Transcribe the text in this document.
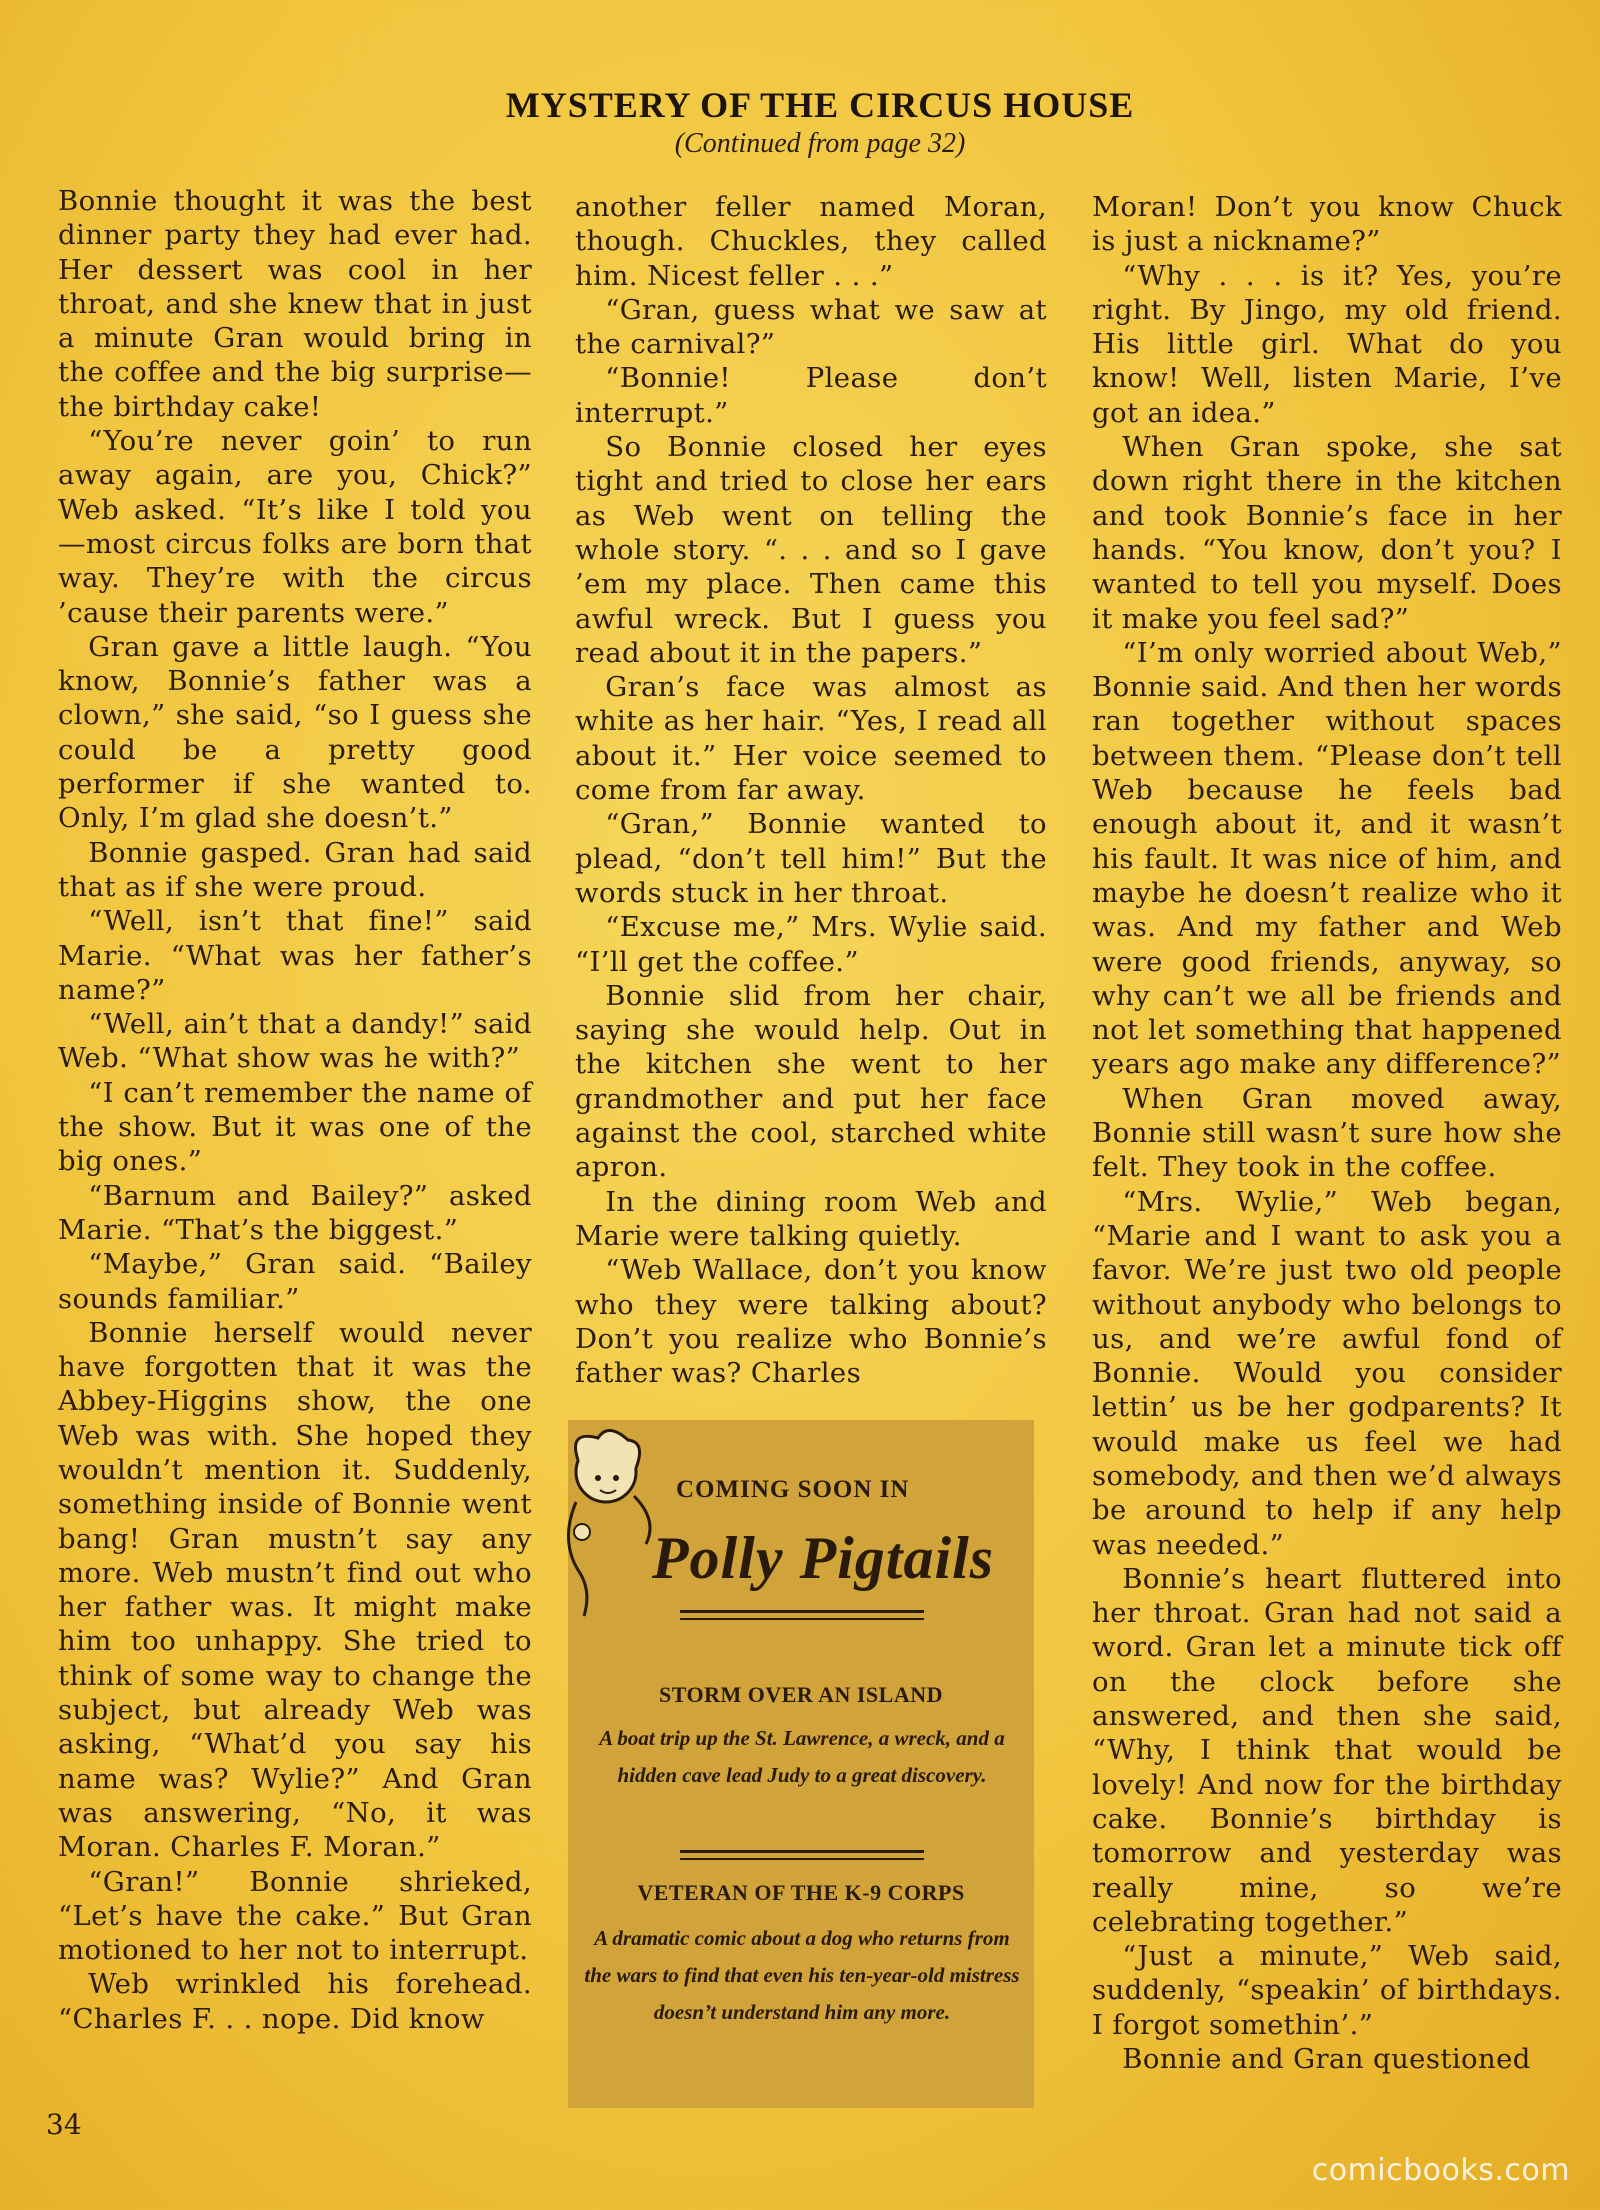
MYSTERY OF THE CIRCUS HOUSE
(Continued from page 32)

Bonnie thought it was the best dinner party they had ever had. Her dessert was cool in her throat, and she knew that in just a minute Gran would bring in the coffee and the big surprise—the birthday cake!

“You’re never goin’ to run away again, are you, Chick?” Web asked. “It’s like I told you —most circus folks are born that way. They’re with the circus ’cause their parents were.”

Gran gave a little laugh. “You know, Bonnie’s father was a clown,” she said, “so I guess she could be a pretty good performer if she wanted to. Only, I’m glad she doesn’t.”

Bonnie gasped. Gran had said that as if she were proud.

“Well, isn’t that fine!” said Marie. “What was her father’s name?”

“Well, ain’t that a dandy!” said Web. “What show was he with?”

“I can’t remember the name of the show. But it was one of the big ones.”

“Barnum and Bailey?” asked Marie. “That’s the biggest.”

“Maybe,” Gran said. “Bailey sounds familiar.”

Bonnie herself would never have forgotten that it was the Abbey-Higgins show, the one Web was with. She hoped they wouldn’t mention it. Suddenly, something inside of Bonnie went bang! Gran mustn’t say any more. Web mustn’t find out who her father was. It might make him too unhappy. She tried to think of some way to change the subject, but already Web was asking, “What’d you say his name was? Wylie?” And Gran was answering, “No, it was Moran. Charles F. Moran.”

“Gran!” Bonnie shrieked, “Let’s have the cake.” But Gran motioned to her not to interrupt.

Web wrinkled his forehead. “Charles F. . . nope. Did know

another feller named Moran, though. Chuckles, they called him. Nicest feller . . .”

“Gran, guess what we saw at the carnival?”

“Bonnie! Please don’t interrupt.”

So Bonnie closed her eyes tight and tried to close her ears as Web went on telling the whole story. “. . . and so I gave ’em my place. Then came this awful wreck. But I guess you read about it in the papers.”

Gran’s face was almost as white as her hair. “Yes, I read all about it.” Her voice seemed to come from far away.

“Gran,” Bonnie wanted to plead, “don’t tell him!” But the words stuck in her throat.

“Excuse me,” Mrs. Wylie said. “I’ll get the coffee.”

Bonnie slid from her chair, saying she would help. Out in the kitchen she went to her grandmother and put her face against the cool, starched white apron.

In the dining room Web and Marie were talking quietly.

“Web Wallace, don’t you know who they were talking about? Don’t you realize who Bonnie’s father was? Charles

Moran! Don’t you know Chuck is just a nickname?”

“Why . . . is it? Yes, you’re right. By Jingo, my old friend. His little girl. What do you know! Well, listen Marie, I’ve got an idea.”

When Gran spoke, she sat down right there in the kitchen and took Bonnie’s face in her hands. “You know, don’t you? I wanted to tell you myself. Does it make you feel sad?”

“I’m only worried about Web,” Bonnie said. And then her words ran together without spaces between them. “Please don’t tell Web because he feels bad enough about it, and it wasn’t his fault. It was nice of him, and maybe he doesn’t realize who it was. And my father and Web were good friends, anyway, so why can’t we all be friends and not let something that happened years ago make any difference?”

When Gran moved away, Bonnie still wasn’t sure how she felt. They took in the coffee.

“Mrs. Wylie,” Web began, “Marie and I want to ask you a favor. We’re just two old people without anybody who belongs to us, and we’re awful fond of Bonnie. Would you consider lettin’ us be her godparents? It would make us feel we had somebody, and then we’d always be around to help if any help was needed.”

Bonnie’s heart fluttered into her throat. Gran had not said a word. Gran let a minute tick off on the clock before she answered, and then she said, “Why, I think that would be lovely! And now for the birthday cake. Bonnie’s birthday is tomorrow and yesterday was really mine, so we’re celebrating together.”

“Just a minute,” Web said, suddenly, “speakin’ of birthdays. I forgot somethin’.”

Bonnie and Gran questioned

COMING SOON IN
Polly Pigtails
STORM OVER AN ISLAND
A boat trip up the St. Lawrence, a wreck, and a hidden cave lead Judy to a great discovery.
VETERAN OF THE K-9 CORPS
A dramatic comic about a dog who returns from the wars to find that even his ten-year-old mistress doesn’t understand him any more.
34
comicbooks.com
